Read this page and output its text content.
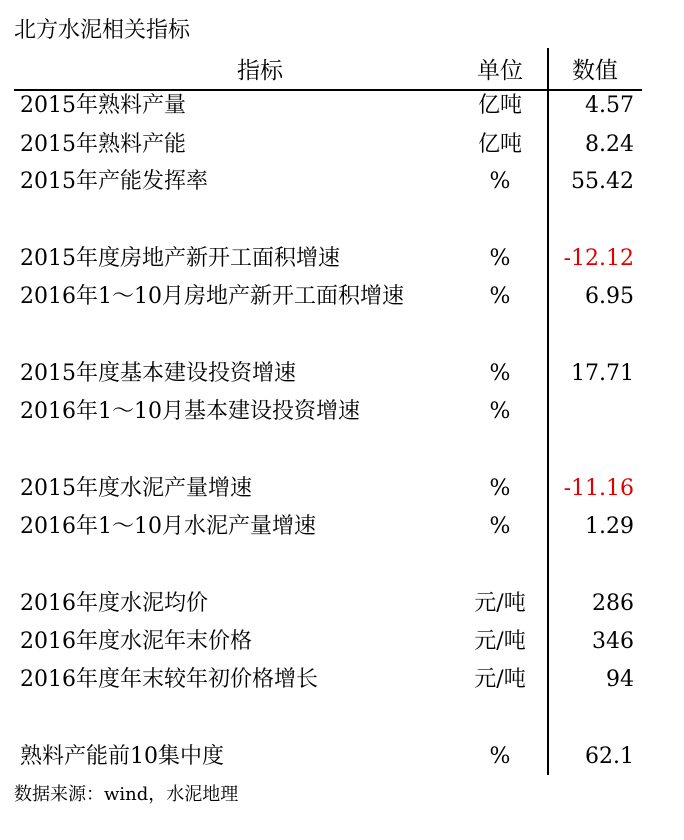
北方水泥相关指标
指标	单位	数值
2015年熟料产量	亿吨	4.57
2015年熟料产能	亿吨	8.24
2015年产能发挥率	%	55.42
2015年度房地产新开工面积增速	%	-12.12
2016年1～10月房地产新开工面积增速	%	6.95
2015年度基本建设投资增速	%	17.71
2016年1～10月基本建设投资增速	%
2015年度水泥产量增速	%	-11.16
2016年1～10月水泥产量增速	%	1.29
2016年度水泥均价	元/吨	286
2016年度水泥年末价格	元/吨	346
2016年度年末较年初价格增长	元/吨	94
熟料产能前10集中度	%	62.1
数据来源：wind，水泥地理
